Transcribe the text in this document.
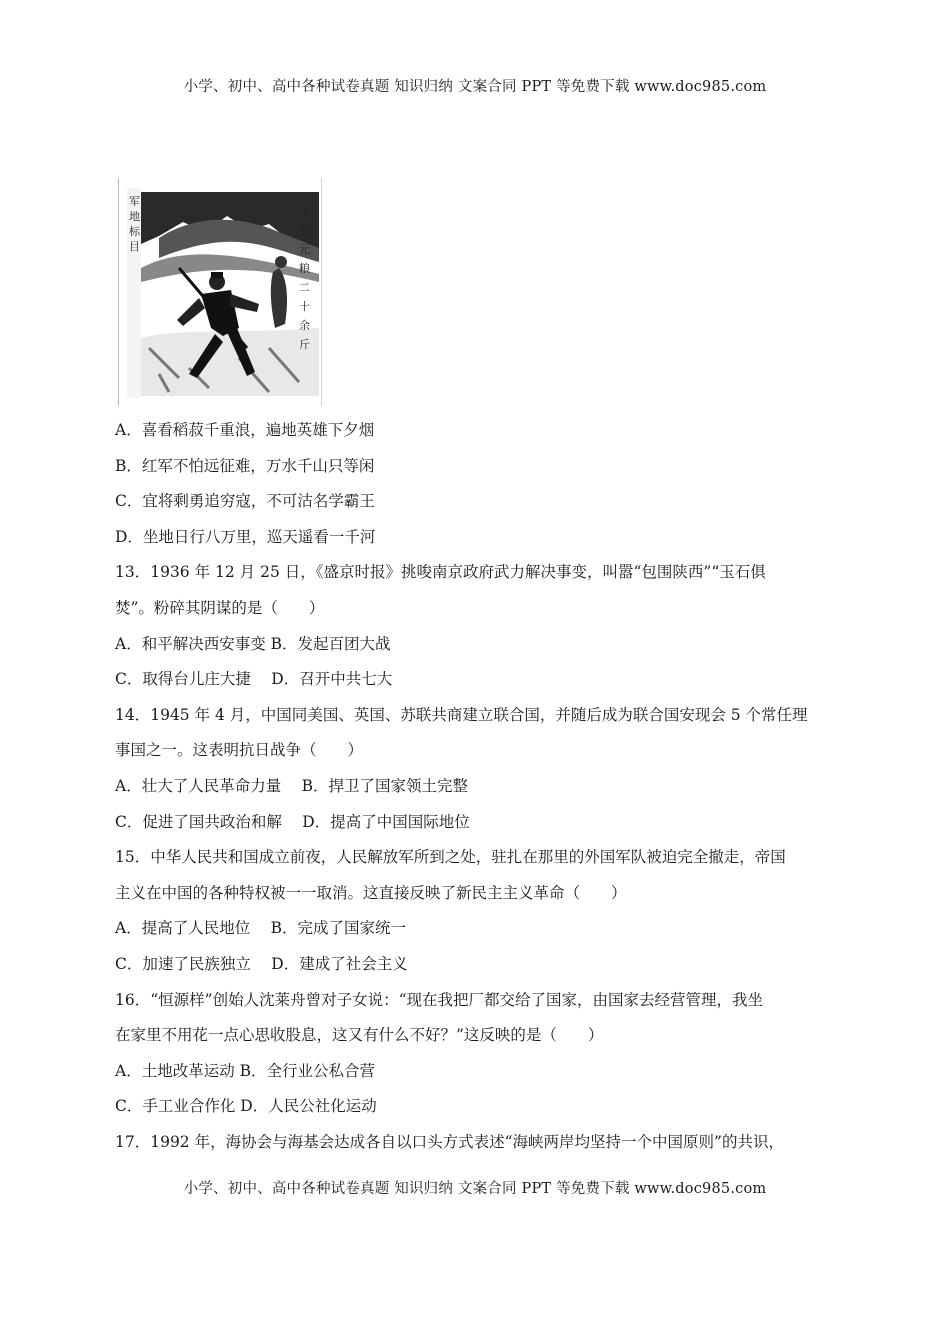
小学、初中、高中各种试卷真题 知识归纳 文案合同 PPT 等免费下载 www.doc985.com
军地标目
十五元粮二十余斤
A．喜看稻菽千重浪，遍地英雄下夕烟
B．红军不怕远征难，万水千山只等闲
C．宜将剩勇追穷寇，不可沽名学霸王
D．坐地日行八万里，巡天遥看一千河
13．1936 年 12 月 25 日，《盛京时报》挑唆南京政府武力解决事变，叫嚣“包围陕西”“玉石俱
焚”。粉碎其阴谋的是（　　）
A．和平解决西安事变 B．发起百团大战
C．取得台儿庄大捷　 D．召开中共七大
14．1945 年 4 月，中国同美国、英国、苏联共商建立联合国，并随后成为联合国安现会 5 个常任理
事国之一。这表明抗日战争（　　）
A．壮大了人民革命力量　 B．捍卫了国家领土完整
C．促进了国共政治和解　 D．提高了中国国际地位
15．中华人民共和国成立前夜，人民解放军所到之处，驻扎在那里的外国军队被迫完全撤走，帝国
主义在中国的各种特权被一一取消。这直接反映了新民主主义革命（　　）
A．提高了人民地位　 B．完成了国家统一
C．加速了民族独立　 D．建成了社会主义
16．“恒源样”创始人沈莱舟曾对子女说：“现在我把厂都交给了国家，由国家去经营管理，我坐
在家里不用花一点心思收股息，这又有什么不好？”这反映的是（　　）
A．土地改革运动 B．全行业公私合营
C．手工业合作化 D．人民公社化运动
17．1992 年，海协会与海基会达成各自以口头方式表述“海峡两岸均坚持一个中国原则”的共识，
小学、初中、高中各种试卷真题 知识归纳 文案合同 PPT 等免费下载 www.doc985.com
